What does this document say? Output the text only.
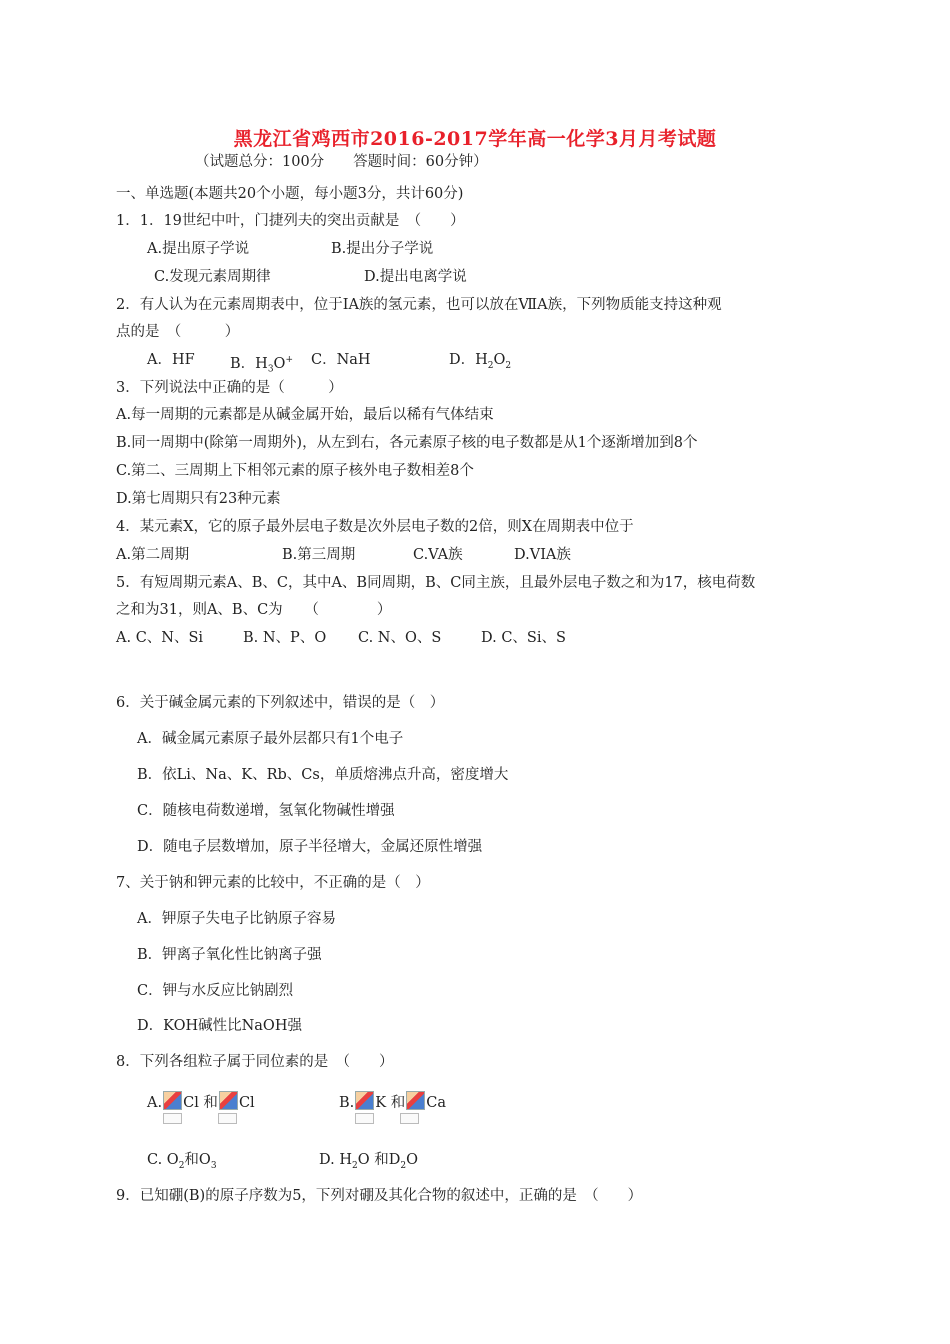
黑龙江省鸡西市2016-2017学年高一化学3月月考试题
（试题总分：100分　　答题时间：60分钟）
一、单选题(本题共20个小题，每小题3分，共计60分)
1．1．19世纪中叶，门捷列夫的突出贡献是　（　　）
A.提出原子学说	B.提出分子学说
C.发现元素周期律	D.提出电离学说
2．有人认为在元素周期表中，位于ⅠA族的氢元素，也可以放在ⅦA族，下列物质能支持这种观
点的是　（　　　）
A．HF B．$H_3O^+$ C．NaH	D．$H_2O_2$
3．下列说法中正确的是（　　　）
A.每一周期的元素都是从碱金属开始，最后以稀有气体结束
B.同一周期中(除第一周期外)，从左到右，各元素原子核的电子数都是从1个逐渐增加到8个
C.第二、三周期上下相邻元素的原子核外电子数相差8个
D.第七周期只有23种元素
4．某元素X，它的原子最外层电子数是次外层电子数的2倍，则X在周期表中位于
A.第二周期	B.第三周期	C.VA族	D.VIA族
5．有短周期元素A、B、C，其中A、B同周期，B、C同主族，且最外层电子数之和为17，核电荷数
之和为31，则A、B、C为　　（　　　　）
A. C、N、Si	B. N、P、O C. N、O、S	D. C、Si、S
6．关于碱金属元素的下列叙述中，错误的是（　）
A．碱金属元素原子最外层都只有1个电子
B．依Li、Na、K、Rb、Cs，单质熔沸点升高，密度增大
C．随核电荷数递增，氢氧化物碱性增强
D．随电子层数增加，原子半径增大，金属还原性增强
7、关于钠和钾元素的比较中，不正确的是（　）
A．钾原子失电子比钠原子容易
B．钾离子氧化性比钠离子强
C．钾与水反应比钠剧烈
D．KOH碱性比NaOH强
8．下列各组粒子属于同位素的是　（　　）
A. Cl 和 Cl	B. K 和 Ca
C. $O_2$和$O_3$	D. $H_2O$ 和$D_2O$
9．已知硼(B)的原子序数为5，下列对硼及其化合物的叙述中，正确的是　（　　）
